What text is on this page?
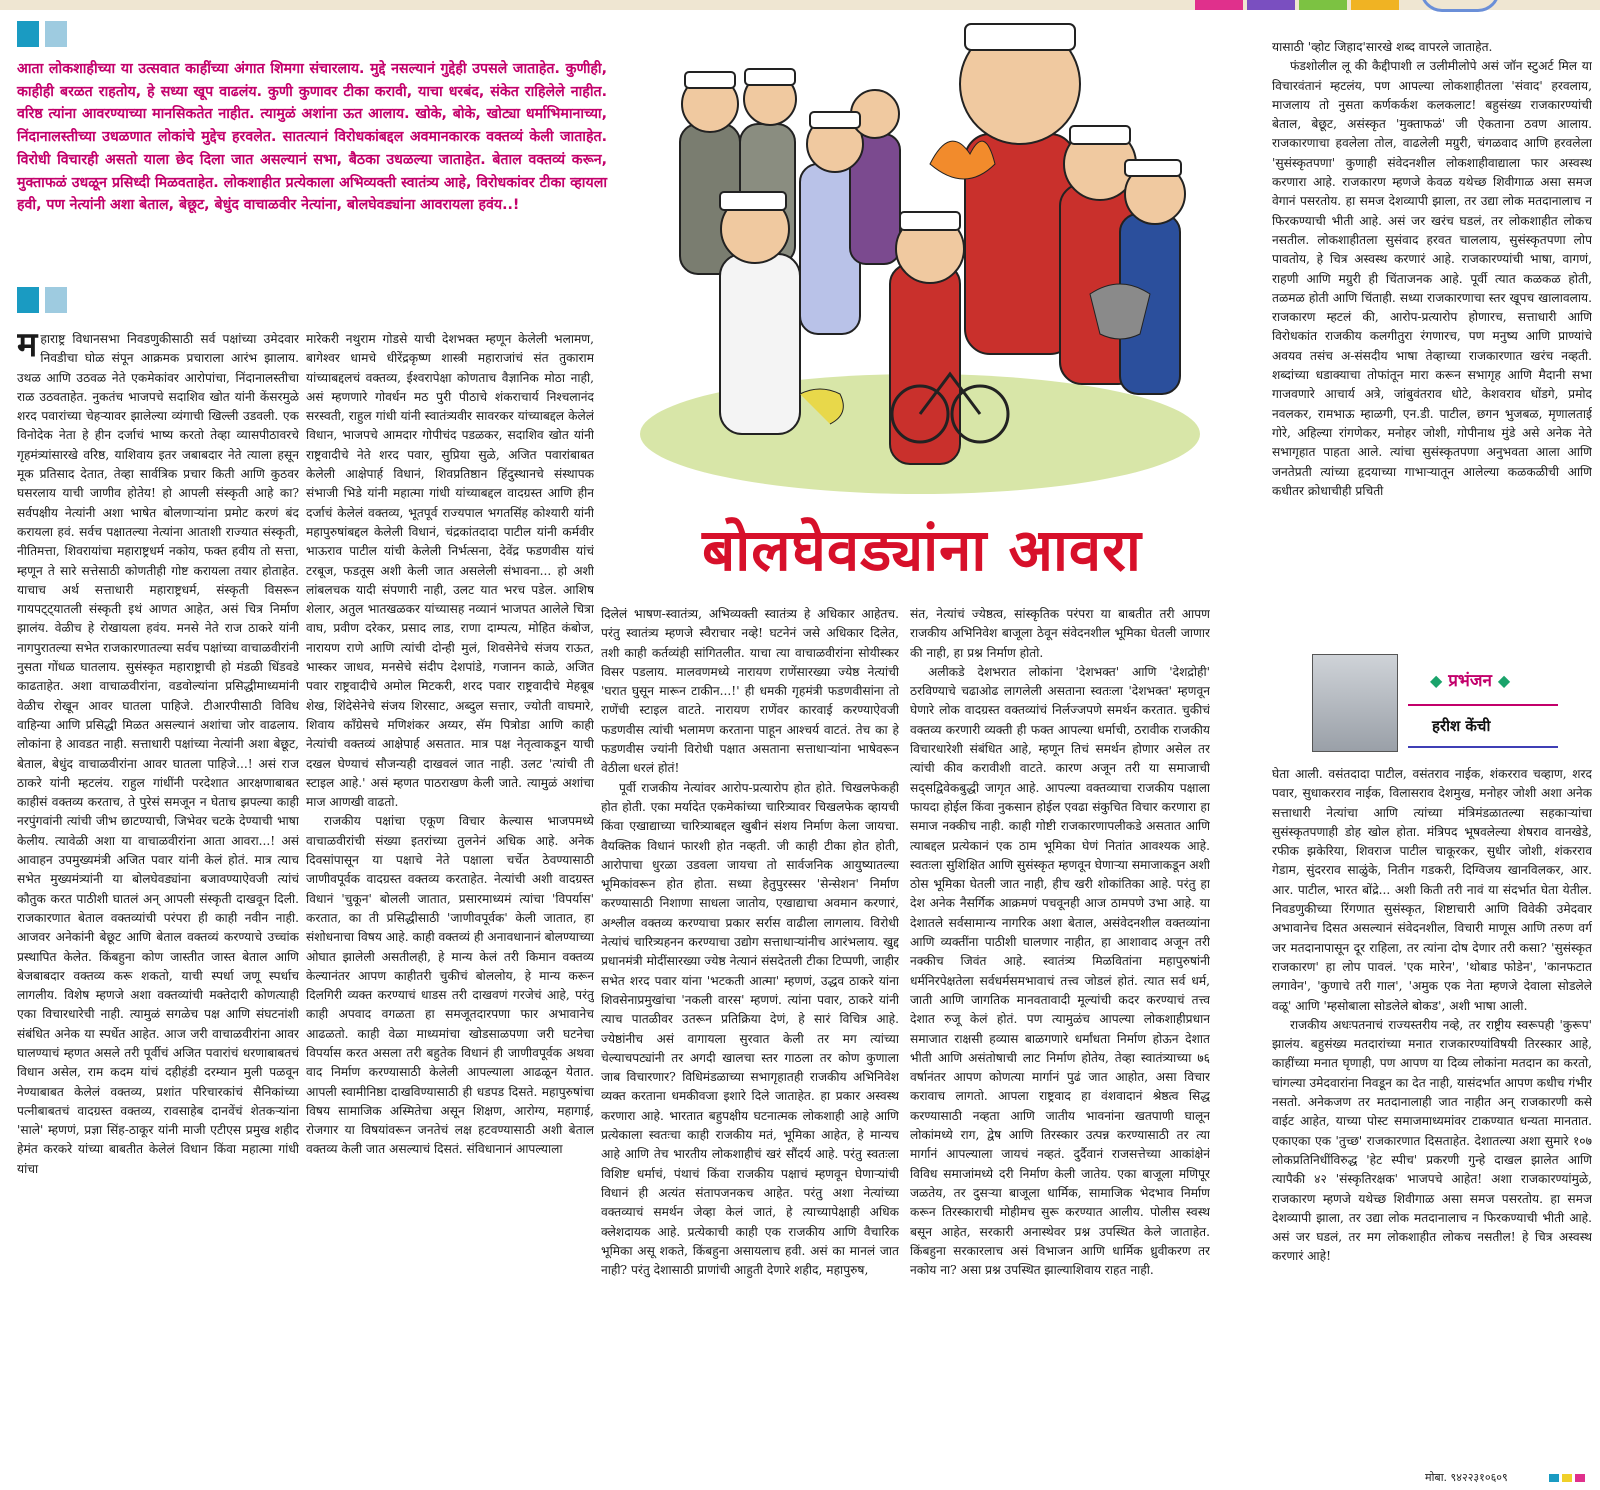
आता लोकशाहीच्या या उत्सवात काहींच्या अंगात शिमगा संचारलाय. मुद्दे नसल्यानं गुद्देही उपसले जाताहेत. कुणीही, काहीही बरळत राहतोय, हे सध्या खूप वाढलंय. कुणी कुणावर टीका करावी, याचा धरबंद, संकेत राहिलेले नाहीत. वरिष्ठ त्यांना आवरण्याच्या मानसिकतेत नाहीत. त्यामुळं अशांना ऊत आलाय. खोके, बोके, खोट्या धर्माभिमानाच्या, निंदानालस्तीच्या उधळणात लोकांचे मुद्देच हरवलेत. सातत्यानं विरोधकांबद्दल अवमानकारक वक्तव्यं केली जाताहेत. विरोधी विचारही असतो याला छेद दिला जात असल्यानं सभा, बैठका उधळल्या जाताहेत. बेताल वक्तव्यं करून, मुक्ताफळं उधळून प्रसिध्दी मिळवताहेत. लोकशाहीत प्रत्येकाला अभिव्यक्ती स्वातंत्र्य आहे, विरोधकांवर टीका व्हायला हवी, पण नेत्यांनी अशा बेताल, बेछूट, बेधुंद वाचाळवीर नेत्यांना, बोलघेवड्यांना आवरायला हवंय..!
बोलघेवड्यांना आवरा

महाराष्ट्र विधानसभा निवडणुकीसाठी सर्व पक्षांच्या उमेदवार निवडीचा घोळ संपून आक्रमक प्रचाराला आरंभ झालाय. उथळ आणि उठवळ नेते एकमेकांवर आरोपांचा, निंदानालस्तीचा राळ उठवताहेत. नुकतंच भाजपचे सदाशिव खोत यांनी केंसरमुळे शरद पवारांच्या चेहऱ्यावर झालेल्या व्यंगाची खिल्ली उडवली. एक विनोदेक नेता हे हीन दर्जाचं भाष्य करतो तेव्हा व्यासपीठावरचे गृहमंत्र्यांसारखे वरिष्ठ, याशिवाय इतर जबाबदार नेते त्याला हसून मूक प्रतिसाद देतात, तेव्हा सार्वत्रिक प्रचार किती आणि कुठवर घसरलाय याची जाणीव होतेय! हो आपली संस्कृती आहे का? सर्वपक्षीय नेत्यांनी अशा भाषेत बोलणाऱ्यांना प्रमोट करणं बंद करायला हवं. सर्वच पक्षातल्या नेत्यांना आताशी राज्यात संस्कृती, नीतिमत्ता, शिवरायांचा महाराष्ट्रधर्म नकोय, फक्त हवीय तो सत्ता, म्हणून ते सारे सत्तेसाठी कोणतीही गोष्ट करायला तयार होताहेत. याचाच अर्थ सत्ताधारी महाराष्ट्रधर्म, संस्कृती विसरून गायपट्ट्यातली संस्कृती इथं आणत आहेत, असं चित्र निर्माण झालंय. वेळीच हे रोखायला हवंय. मनसे नेते राज ठाकरे यांनी नागपुरातल्या सभेत राजकारणातल्या सर्वच पक्षांच्या वाचाळवीरांनी नुसता गोंधळ घातलाय. सुसंस्कृत महाराष्ट्राची हो मंडळी धिंडवडे काढताहेत. अशा वाचाळवीरांना, वडवोल्यांना प्रसिद्धीमाध्यमांनी वेळीच रोखून आवर घातला पाहिजे. टीआरपीसाठी विविध वाहिन्या आणि प्रसिद्धी मिळत असल्यानं अशांचा जोर वाढलाय. लोकांना हे आवडत नाही. सत्ताधारी पक्षांच्या नेत्यांनी अशा बेछूट, बेताल, बेधुंद वाचाळवीरांना आवर घातला पाहिजे...! असं राज ठाकरे यांनी म्हटलंय. राहुल गांधींनी परदेशात आरक्षणाबाबत काहीसं वक्तव्य करताच, ते पुरेसं समजून न घेताच झपल्या काही नरपुंगवांनी त्यांची जीभ छाटण्याची, जिभेवर चटके देण्याची भाषा केलीय. त्यावेळी अशा या वाचाळवीरांना आता आवरा...! असं आवाहन उपमुख्यमंत्री अजित पवार यांनी केलं होतं. मात्र त्याच सभेत मुख्यमंत्र्यांनी या बोलघेवड्यांना बजावण्याऐवजी त्यांचं कौतुक करत पाठीशी घातलं अन् आपली संस्कृती दाखवून दिली. राजकारणात बेताल वक्तव्यांची परंपरा ही काही नवीन नाही. आजवर अनेकांनी बेछूट आणि बेताल वक्तव्यं करण्याचे उच्चांक प्रस्थापित केलेत. किंबहुना कोण जास्तीत जास्त बेताल आणि बेजबाबदार वक्तव्य करू शकतो, याची स्पर्धा जणू स्पर्धाच लागलीय. विशेष म्हणजे अशा वक्तव्यांची मक्तेदारी कोणत्याही एका विचारधारेची नाही. त्यामुळं सगळेच पक्ष आणि संघटनांशी संबंधित अनेक या स्पर्धेत आहेत. आज जरी वाचाळवीरांना आवर घालण्याचं म्हणत असले तरी पूर्वीचं अजित पवारांचं धरणाबाबतचं विधान असेल, राम कदम यांचं दहीहंडी दरम्यान मुली पळवून नेण्याबाबत केलेलं वक्तव्य, प्रशांत परिचारकांचं सैनिकांच्या पत्नीबाबतचं वादग्रस्त वक्तव्य, रावसाहेब दानवेंचं शेतकऱ्यांना 'साले' म्हणणं, प्रज्ञा सिंह-ठाकूर यांनी माजी एटीएस प्रमुख शहीद हेमंत करकरे यांच्या बाबतीत केलेलं विधान किंवा महात्मा गांधी यांचा

मारेकरी नथुराम गोडसे याची देशभक्त म्हणून केलेली भलामण, बागेश्वर धामचे धीरेंद्रकृष्ण शास्त्री महाराजांचं संत तुकाराम यांच्याबद्दलचं वक्तव्य, ईश्वरापेक्षा कोणताच वैज्ञानिक मोठा नाही, असं म्हणणारे गोवर्धन मठ पुरी पीठाचे शंकराचार्य निश्चलानंद सरस्वती, राहुल गांधी यांनी स्वातंत्र्यवीर सावरकर यांच्याबद्दल केलेलं विधान, भाजपचे आमदार गोपीचंद पडळकर, सदाशिव खोत यांनी राष्ट्रवादीचे नेते शरद पवार, सुप्रिया सुळे, अजित पवारांबाबत केलेली आक्षेपार्ह विधानं, शिवप्रतिष्ठान हिंदुस्थानचे संस्थापक संभाजी भिडे यांनी महात्मा गांधी यांच्याबद्दल वादग्रस्त आणि हीन दर्जाचं केलेलं वक्तव्य, भूतपूर्व राज्यपाल भगतसिंह कोश्यारी यांनी महापुरुषांबद्दल केलेली विधानं, चंद्रकांतदादा पाटील यांनी कर्मवीर भाऊराव पाटील यांची केलेली निर्भत्सना, देवेंद्र फडणवीस यांचं टरबूज, फडतूस अशी केली जात असलेली संभावना... हो अशी लांबलचक यादी संपणारी नाही, उलट यात भरच पडेल. आशिष शेलार, अतुल भातखळकर यांच्यासह नव्यानं भाजपत आलेले चित्रा वाघ, प्रवीण दरेकर, प्रसाद लाड, राणा दाम्पत्य, मोहित कंबोज, नारायण राणे आणि त्यांची दोन्ही मुलं, शिवसेनेचे संजय राऊत, भास्कर जाधव, मनसेचे संदीप देशपांडे, गजानन काळे, अजित पवार राष्ट्रवादीचे अमोल मिटकरी, शरद पवार राष्ट्रवादीचे मेहबूब शेख, शिंदेसेनेचे संजय शिरसाट, अब्दुल सत्तार, ज्योती वाघमारे, शिवाय काँग्रेसचे मणिशंकर अय्यर, सॅम पित्रोडा आणि काही नेत्यांची वक्तव्यं आक्षेपार्ह असतात. मात्र पक्ष नेतृत्वाकडून याची दखल घेण्याचं सौजन्यही दाखवलं जात नाही. उलट 'त्यांची ती स्टाइल आहे.' असं म्हणत पाठराखण केली जाते. त्यामुळं अशांचा माज आणखी वाढतो.

राजकीय पक्षांचा एकूण विचार केल्यास भाजपमध्ये वाचाळवीरांची संख्या इतरांच्या तुलनेनं अधिक आहे. अनेक दिवसांपासून या पक्षाचे नेते पक्षाला चर्चेत ठेवण्यासाठी जाणीवपूर्वक वादग्रस्त वक्तव्य करताहेत. नेत्यांची अशी वादग्रस्त विधानं 'चुकून' बोलली जातात, प्रसारमाध्यमं त्यांचा 'विपर्यास' करतात, का ती प्रसिद्धीसाठी 'जाणीवपूर्वक' केली जातात, हा संशोधनाचा विषय आहे. काही वक्तव्यं ही अनावधानानं बोलण्याच्या ओघात झालेली असतीलही, हे मान्य केलं तरी किमान वक्तव्य केल्यानंतर आपण काहीतरी चुकीचं बोललोय, हे मान्य करून दिलगिरी व्यक्त करण्याचं धाडस तरी दाखवणं गरजेचं आहे, परंतु काही अपवाद वगळता हा समजूतदारपणा फार अभावानेच आढळतो. काही वेळा माध्यमांचा खोडसाळपणा जरी घटनेचा विपर्यास करत असला तरी बहुतेक विधानं ही जाणीवपूर्वक अथवा वाद निर्माण करण्यासाठी केलेली आपल्याला आढळून येतात. आपली स्वामीनिष्ठा दाखविण्यासाठी ही धडपड दिसते. महापुरुषांचा विषय सामाजिक अस्मितेचा असून शिक्षण, आरोग्य, महागाई, रोजगार या विषयांवरून जनतेचं लक्ष हटवण्यासाठी अशी बेताल वक्तव्य केली जात असल्याचं दिसतं. संविधानानं आपल्याला

दिलेलं भाषण-स्वातंत्र्य, अभिव्यक्ती स्वातंत्र्य हे अधिकार आहेतच. परंतु स्वातंत्र्य म्हणजे स्वैराचार नव्हे! घटनेनं जसे अधिकार दिलेत, तशी काही कर्तव्यंही सांगितलीत. याचा त्या वाचाळवीरांना सोयीस्कर विसर पडलाय. मालवणमध्ये नारायण राणेंसारख्या ज्येष्ठ नेत्यांची 'घरात घुसून मारून टाकीन...!' ही धमकी गृहमंत्री फडणवीसांना तो राणेंची स्टाइल वाटते. नारायण राणेंवर कारवाई करण्याऐवजी फडणवीस त्यांची भलामण करताना पाहून आश्चर्य वाटतं. तेच का हे फडणवीस ज्यांनी विरोधी पक्षात असताना सत्ताधाऱ्यांना भाषेवरून वेठीला धरलं होतं!

पूर्वी राजकीय नेत्यांवर आरोप-प्रत्यारोप होत होते. चिखलफेकही होत होती. एका मर्यादेत एकमेकांच्या चारित्र्यावर चिखलफेक व्हायची किंवा एखाद्याच्या चारित्र्याबद्दल खुबीनं संशय निर्माण केला जायचा. वैयक्तिक विधानं फारशी होत नव्हती. जी काही टीका होत होती, आरोपाचा धुरळा उडवला जायचा तो सार्वजनिक आयुष्यातल्या भूमिकांवरून होत होता. सध्या हेतुपुरस्सर 'सेन्सेशन' निर्माण करण्यासाठी निशाणा साधला जातोय, एखाद्याचा अवमान करणारं, अश्लील वक्तव्य करण्याचा प्रकार सर्रास वाढीला लागलाय. विरोधी नेत्यांचं चारित्र्यहनन करण्याचा उद्योग सत्ताधाऱ्यांनीच आरंभलाय. खुद्द प्रधानमंत्री मोदींसारख्या ज्येष्ठ नेत्यानं संसदेतली टीका टिप्पणी, जाहीर सभेत शरद पवार यांना 'भटकती आत्मा' म्हणणं, उद्धव ठाकरे यांना शिवसेनाप्रमुखांचा 'नकली वारस' म्हणणं. त्यांना पवार, ठाकरे यांनी त्याच पातळीवर उतरून प्रतिक्रिया देणं, हे सारं विचित्र आहे. ज्येष्ठांनीच असं वागायला सुरवात केली तर मग त्यांच्या चेल्याचपट्यांनी तर अगदी खालचा स्तर गाठला तर कोण कुणाला जाब विचारणार? विधिमंडळाच्या सभागृहातही राजकीय अभिनिवेश व्यक्त करताना धमकीवजा इशारे दिले जाताहेत. हा प्रकार अस्वस्थ करणारा आहे. भारतात बहुपक्षीय घटनात्मक लोकशाही आहे आणि प्रत्येकाला स्वतःचा काही राजकीय मतं, भूमिका आहेत, हे मान्यच आहे आणि तेच भारतीय लोकशाहीचं खरं सौंदर्य आहे. परंतु स्वतःला विशिष्ट धर्माचं, पंथाचं किंवा राजकीय पक्षाचं म्हणवून घेणाऱ्यांची विधानं ही अत्यंत संतापजनकच आहेत. परंतु अशा नेत्यांच्या वक्तव्याचं समर्थन जेव्हा केलं जातं, हे त्याच्यापेक्षाही अधिक क्लेशदायक आहे. प्रत्येकाची काही एक राजकीय आणि वैचारिक भूमिका असू शकते, किंबहुना असायलाच हवी. असं का मानलं जात नाही? परंतु देशासाठी प्राणांची आहुती देणारे शहीद, महापुरुष,

संत, नेत्यांचं ज्येष्ठत्व, सांस्कृतिक परंपरा या बाबतीत तरी आपण राजकीय अभिनिवेश बाजूला ठेवून संवेदनशील भूमिका घेतली जाणार की नाही, हा प्रश्न निर्माण होतो.

अलीकडे देशभरात लोकांना 'देशभक्त' आणि 'देशद्रोही' ठरविण्याचे चढाओढ लागलेली असताना स्वतःला 'देशभक्त' म्हणवून घेणारे लोक वादग्रस्त वक्तव्यांचं निर्लज्जपणे समर्थन करतात. चुकीचं वक्तव्य करणारी व्यक्ती ही फक्त आपल्या धर्माची, ठरावीक राजकीय विचारधारेशी संबंधित आहे, म्हणून तिचं समर्थन होणार असेल तर त्यांची कीव करावीशी वाटते. कारण अजून तरी या समाजाची सद्सद्विवेकबुद्धी जागृत आहे. आपल्या वक्तव्याचा राजकीय पक्षाला फायदा होईल किंवा नुकसान होईल एवढा संकुचित विचार करणारा हा समाज नक्कीच नाही. काही गोष्टी राजकारणापलीकडे असतात आणि त्याबद्दल प्रत्येकानं एक ठाम भूमिका घेणं नितांत आवश्यक आहे. स्वतःला सुशिक्षित आणि सुसंस्कृत म्हणवून घेणाऱ्या समाजाकडून अशी ठोस भूमिका घेतली जात नाही, हीच खरी शोकांतिका आहे. परंतु हा देश अनेक नैसर्गिक आक्रमणं पचवूनही आज ठामपणे उभा आहे. या देशातले सर्वसामान्य नागरिक अशा बेताल, असंवेदनशील वक्तव्यांना आणि व्यक्तींना पाठीशी घालणार नाहीत, हा आशावाद अजून तरी नक्कीच जिवंत आहे. स्वातंत्र्य मिळवितांना महापुरुषांनी धर्मनिरपेक्षतेला सर्वधर्मसमभावाचं तत्त्व जोडलं होतं. त्यात सर्व धर्म, जाती आणि जागतिक मानवतावादी मूल्यांची कदर करण्याचं तत्त्व देशात रुजू केलं होतं. पण त्यामुळंच आपल्या लोकशाहीप्रधान समाजात राक्षसी हव्यास बाळगणारे धर्मांधता निर्माण होऊन देशात भीती आणि असंतोषाची लाट निर्माण होतेय, तेव्हा स्वातंत्र्याच्या ७६ वर्षानंतर आपण कोणत्या मार्गानं पुढं जात आहोत, असा विचार करावाच लागतो. आपला राष्ट्रवाद हा वंशवादानं श्रेष्ठत्व सिद्ध करण्यासाठी नव्हता आणि जातीय भावनांना खतपाणी घालून लोकांमध्ये राग, द्वेष आणि तिरस्कार उत्पन्न करण्यासाठी तर त्या मार्गानं आपल्याला जायचं नव्हतं. दुर्दैवानं राजसत्तेच्या आकांक्षेनं विविध समाजांमध्ये दरी निर्माण केली जातेय. एका बाजूला मणिपूर जळतेय, तर दुसऱ्या बाजूला धार्मिक, सामाजिक भेदभाव निर्माण करून तिरस्काराची मोहीमच सुरू करण्यात आलीय. पोलीस स्वस्थ बसून आहेत, सरकारी अनास्थेवर प्रश्न उपस्थित केले जाताहेत. किंबहुना सरकारलाच असं विभाजन आणि धार्मिक ध्रुवीकरण तर नकोय ना? असा प्रश्न उपस्थित झाल्याशिवाय राहत नाही.

यासाठी 'व्होट जिहाद'सारखे शब्द वापरले जाताहेत.

फंडशोलील लू की कैद्दीपाशी ल उलीमीलोपे असं जॉन स्टुअर्ट मिल या विचारवंतानं म्हटलंय, पण आपल्या लोकशाहीतला 'संवाद' हरवलाय, माजलाय तो नुसता कर्णकर्कश कलकलाट! बहुसंख्य राजकारण्यांची बेताल, बेछूट, असंस्कृत 'मुक्ताफळं' जी ऐकताना ठवण आलाय. राजकारणाचा हवलेला तोल, वाढलेली मग्रुरी, चंगळवाद आणि हरवलेला 'सुसंस्कृतपणा' कुणाही संवेदनशील लोकशाहीवाद्याला फार अस्वस्थ करणारा आहे. राजकारण म्हणजे केवळ यथेच्छ शिवीगाळ असा समज वेगानं पसरतोय. हा समज देशव्यापी झाला, तर उद्या लोक मतदानालाच न फिरकण्याची भीती आहे. असं जर खरंच घडलं, तर लोकशाहीत लोकच नसतील. लोकशाहीतला सुसंवाद हरवत चाललाय, सुसंस्कृतपणा लोप पावतोय, हे चित्र अस्वस्थ करणारं आहे. राजकारण्यांची भाषा, वागणं, राहणी आणि मग्रुरी ही चिंताजनक आहे. पूर्वी त्यात कळकळ होती, तळमळ होती आणि चिंताही. सध्या राजकारणाचा स्तर खूपच खालावलाय. राजकारण म्हटलं की, आरोप-प्रत्यारोप होणारच, सत्ताधारी आणि विरोधकांत राजकीय कलगीतुरा रंगणारच, पण मनुष्य आणि प्राण्यांचे अवयव तसंच अ-संसदीय भाषा तेव्हाच्या राजकारणात खरंच नव्हती. शब्दांच्या धडाक्याचा तोफांतून मारा करून सभागृह आणि मैदानी सभा गाजवणारे आचार्य अत्रे, जांबुवंतराव धोटे, केशवराव धोंडगे, प्रमोद नवलकर, रामभाऊ म्हाळगी, एन.डी. पाटील, छगन भुजबळ, मृणालताई गोरे, अहिल्या रांगणेकर, मनोहर जोशी, गोपीनाथ मुंडे असे अनेक नेते सभागृहात पाहता आले. त्यांचा सुसंस्कृतपणा अनुभवता आला आणि जनतेप्रती त्यांच्या हृदयाच्या गाभाऱ्यातून आलेल्या कळकळीची आणि कधीतर क्रोधाचीही प्रचिती

◆ प्रभंजन ◆
हरीश केंची

घेता आली. वसंतदादा पाटील, वसंतराव नाईक, शंकरराव चव्हाण, शरद पवार, सुधाकरराव नाईक, विलासराव देशमुख, मनोहर जोशी अशा अनेक सत्ताधारी नेत्यांचा आणि त्यांच्या मंत्रिमंडळातल्या सहकाऱ्यांचा सुसंस्कृतपणाही डोह खोल होता. मंत्रिपद भूषवलेल्या शेषराव वानखेडे, रफीक झकेरिया, शिवराज पाटील चाकूरकर, सुधीर जोशी, शंकरराव गेडाम, सुंदरराव साळुंके, नितीन गडकरी, दिग्विजय खानविलकर, आर. आर. पाटील, भारत बोंद्रे... अशी किती तरी नावं या संदर्भात घेता येतील. निवडणुकीच्या रिंगणात सुसंस्कृत, शिष्टाचारी आणि विवेकी उमेदवार अभावानेच दिसत असल्यानं संवेदनशील, विचारी माणूस आणि तरुण वर्ग जर मतदानापासून दूर राहिला, तर त्यांना दोष देणार तरी कसा? 'सुसंस्कृत राजकारण' हा लोप पावलं. 'एक मारेन', 'थोबाड फोडेन', 'कानफटात लगावेन', 'कुणाचे तरी गाल', 'अमुक एक नेता म्हणजे देवाला सोडलेले वळू' आणि 'म्हसोबाला सोडलेले बोकड', अशी भाषा आली.

राजकीय अधःपतनाचं राज्यस्तरीय नव्हे, तर राष्ट्रीय स्वरूपही 'कुरूप' झालंय. बहुसंख्य मतदारांच्या मनात राजकारण्यांविषयी तिरस्कार आहे, काहींच्या मनात घृणाही, पण आपण या दिव्य लोकांना मतदान का करतो, चांगल्या उमेदवारांना निवडून का देत नाही, यासंदर्भात आपण कधीच गंभीर नसतो. अनेकजण तर मतदानालाही जात नाहीत अन् राजकारणी कसे वाईट आहेत, याच्या पोस्ट समाजमाध्यमांवर टाकण्यात धन्यता मानतात. एकाएका एक 'तुच्छ' राजकारणात दिसताहेत. देशातल्या अशा सुमारे १०७ लोकप्रतिनिधींविरुद्ध 'हेट स्पीच' प्रकरणी गुन्हे दाखल झालेत आणि त्यापैकी ४२ 'संस्कृतिरक्षक' भाजपचे आहेत! अशा राजकारण्यांमुळे, राजकारण म्हणजे यथेच्छ शिवीगाळ असा समज पसरतोय. हा समज देशव्यापी झाला, तर उद्या लोक मतदानालाच न फिरकण्याची भीती आहे. असं जर घडलं, तर मग लोकशाहीत लोकच नसतील! हे चित्र अस्वस्थ करणारं आहे!

मोबा. ९४२२३१०६०९
